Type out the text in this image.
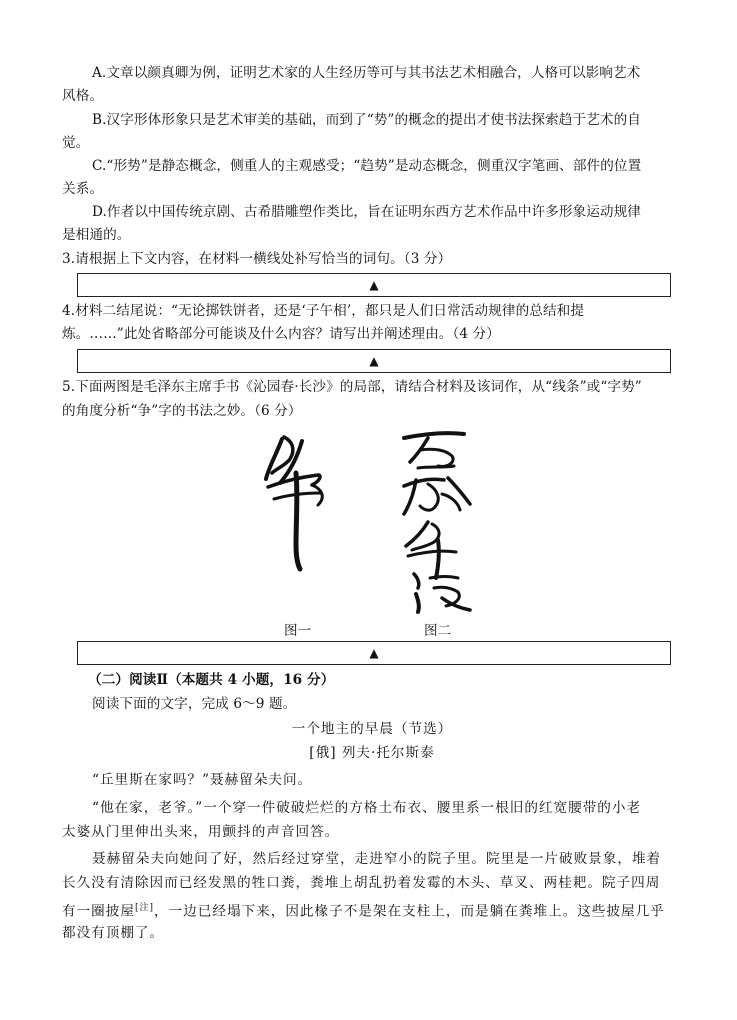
A.文章以颜真卿为例，证明艺术家的人生经历等可与其书法艺术相融合，人格可以影响艺术
风格。
B.汉字形体形象只是艺术审美的基础，而到了“势”的概念的提出才使书法探索趋于艺术的自
觉。
C.“形势”是静态概念，侧重人的主观感受；“趋势”是动态概念，侧重汉字笔画、部件的位置
关系。
D.作者以中国传统京剧、古希腊雕塑作类比，旨在证明东西方艺术作品中许多形象运动规律
是相通的。
3.请根据上下文内容，在材料一横线处补写恰当的词句。（3 分）
▲
4.材料二结尾说：“无论掷铁饼者，还是‘子午相’，都只是人们日常活动规律的总结和提
炼。……”此处省略部分可能谈及什么内容？请写出并阐述理由。（4 分）
▲
5.下面两图是毛泽东主席手书《沁园春·长沙》的局部，请结合材料及该词作，从“线条”或“字势”
的角度分析“争”字的书法之妙。（6 分）
图一	图二
▲
（二）阅读Ⅱ（本题共 4 小题，16 分）
阅读下面的文字，完成 6～9 题。
一个地主的早晨（节选）
[俄] 列夫·托尔斯泰
“丘里斯在家吗？”聂赫留朵夫问。
“他在家，老爷。”一个穿一件破破烂烂的方格土布衣、腰里系一根旧的红宽腰带的小老
太婆从门里伸出头来，用颤抖的声音回答。
聂赫留朵夫向她问了好，然后经过穿堂，走进窄小的院子里。院里是一片破败景象，堆着
长久没有清除因而已经发黑的牲口粪，粪堆上胡乱扔着发霉的木头、草叉、两桂耙。院子四周
有一圈披屋[注]，一边已经塌下来，因此椽子不是架在支柱上，而是躺在粪堆上。这些披屋几乎
都没有顶棚了。
